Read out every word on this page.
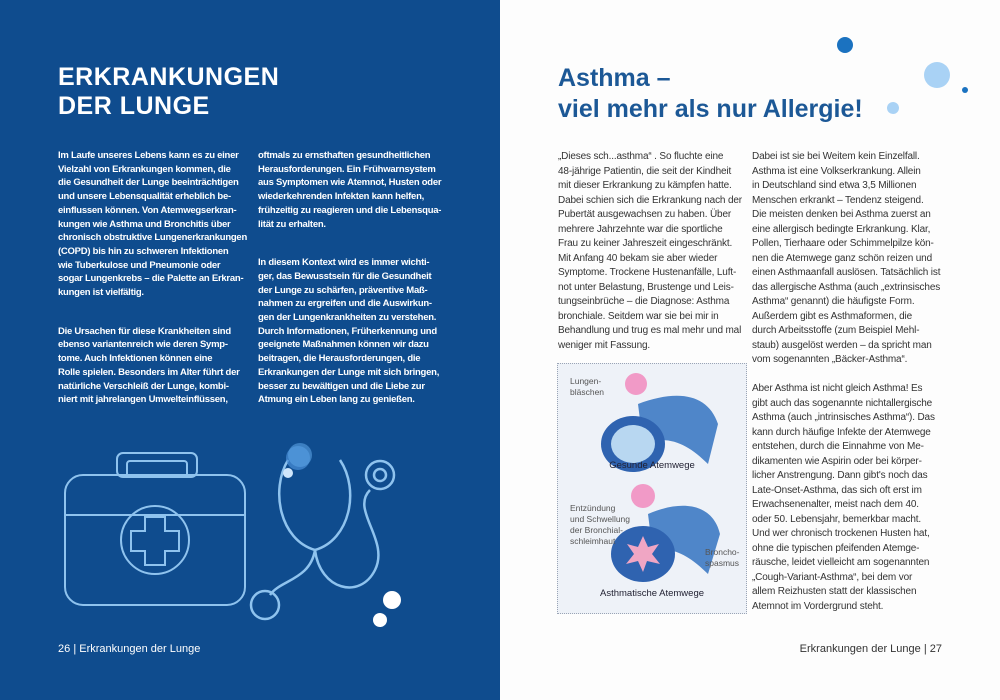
ERKRANKUNGEN
DER LUNGE
Im Laufe unseres Lebens kann es zu einer
Vielzahl von Erkrankungen kommen, die
die Gesundheit der Lunge beeinträchtigen
und unsere Lebensqualität erheblich be-
einflussen können. Von Atemwegserkran-
kungen wie Asthma und Bronchitis über
chronisch obstruktive Lungenerkrankungen
(COPD) bis hin zu schweren Infektionen
wie Tuberkulose und Pneumonie oder
sogar Lungenkrebs – die Palette an Erkran-
kungen ist vielfältig.
Die Ursachen für diese Krankheiten sind
ebenso variantenreich wie deren Symp-
tome. Auch Infektionen können eine
Rolle spielen. Besonders im Alter führt der
natürliche Verschleiß der Lunge, kombi-
niert mit jahrelangen Umwelteinflüssen,
oftmals zu ernsthaften gesundheitlichen
Herausforderungen. Ein Frühwarnsystem
aus Symptomen wie Atemnot, Husten oder
wiederkehrenden Infekten kann helfen,
frühzeitig zu reagieren und die Lebensqua-
lität zu erhalten.
In diesem Kontext wird es immer wichti-
ger, das Bewusstsein für die Gesundheit
der Lunge zu schärfen, präventive Maß-
nahmen zu ergreifen und die Auswirkun-
gen der Lungenkrankheiten zu verstehen.
Durch Informationen, Früherkennung und
geeignete Maßnahmen können wir dazu
beitragen, die Herausforderungen, die
Erkrankungen der Lunge mit sich bringen,
besser zu bewältigen und die Liebe zur
Atmung ein Leben lang zu genießen.
26 | Erkrankungen der Lunge
Asthma –
viel mehr als nur Allergie!
„Dieses sch...asthma“ . So fluchte eine
48-jährige Patientin, die seit der Kindheit
mit dieser Erkrankung zu kämpfen hatte.
Dabei schien sich die Erkrankung nach der
Pubertät ausgewachsen zu haben. Über
mehrere Jahrzehnte war die sportliche
Frau zu keiner Jahreszeit eingeschränkt.
Mit Anfang 40 bekam sie aber wieder
Symptome. Trockene Hustenanfälle, Luft-
not unter Belastung, Brustenge und Leis-
tungseinbrüche – die Diagnose: Asthma
bronchiale. Seitdem war sie bei mir in
Behandlung und trug es mal mehr und mal
weniger mit Fassung.
Dabei ist sie bei Weitem kein Einzelfall.
Asthma ist eine Volkserkrankung. Allein
in Deutschland sind etwa 3,5 Millionen
Menschen erkrankt – Tendenz steigend.
Die meisten denken bei Asthma zuerst an
eine allergisch bedingte Erkrankung. Klar,
Pollen, Tierhaare oder Schimmelpilze kön-
nen die Atemwege ganz schön reizen und
einen Asthmaanfall auslösen. Tatsächlich ist
das allergische Asthma (auch „extrinsisches
Asthma“ genannt) die häufigste Form.
Außerdem gibt es Asthmaformen, die
durch Arbeitsstoffe (zum Beispiel Mehl-
staub) ausgelöst werden – da spricht man
vom sogenannten „Bäcker-Asthma“.
Aber Asthma ist nicht gleich Asthma! Es
gibt auch das sogenannte nichtallergische
Asthma (auch „intrinsisches Asthma“). Das
kann durch häufige Infekte der Atemwege
entstehen, durch die Einnahme von Me-
dikamenten wie Aspirin oder bei körper-
licher Anstrengung. Dann gibt's noch das
Late-Onset-Asthma, das sich oft erst im
Erwachsenenalter, meist nach dem 40.
oder 50. Lebensjahr, bemerkbar macht.
Und wer chronisch trockenen Husten hat,
ohne die typischen pfeifenden Atemge-
räusche, leidet vielleicht am sogenannten
„Cough-Variant-Asthma“, bei dem vor
allem Reizhusten statt der klassischen
Atemnot im Vordergrund steht.
Lungen-
bläschen
Gesunde Atemwege
Entzündung
und Schwellung
der Bronchial-
schleimhaut
Broncho-
spasmus
Asthmatische Atemwege
Erkrankungen der Lunge | 27
